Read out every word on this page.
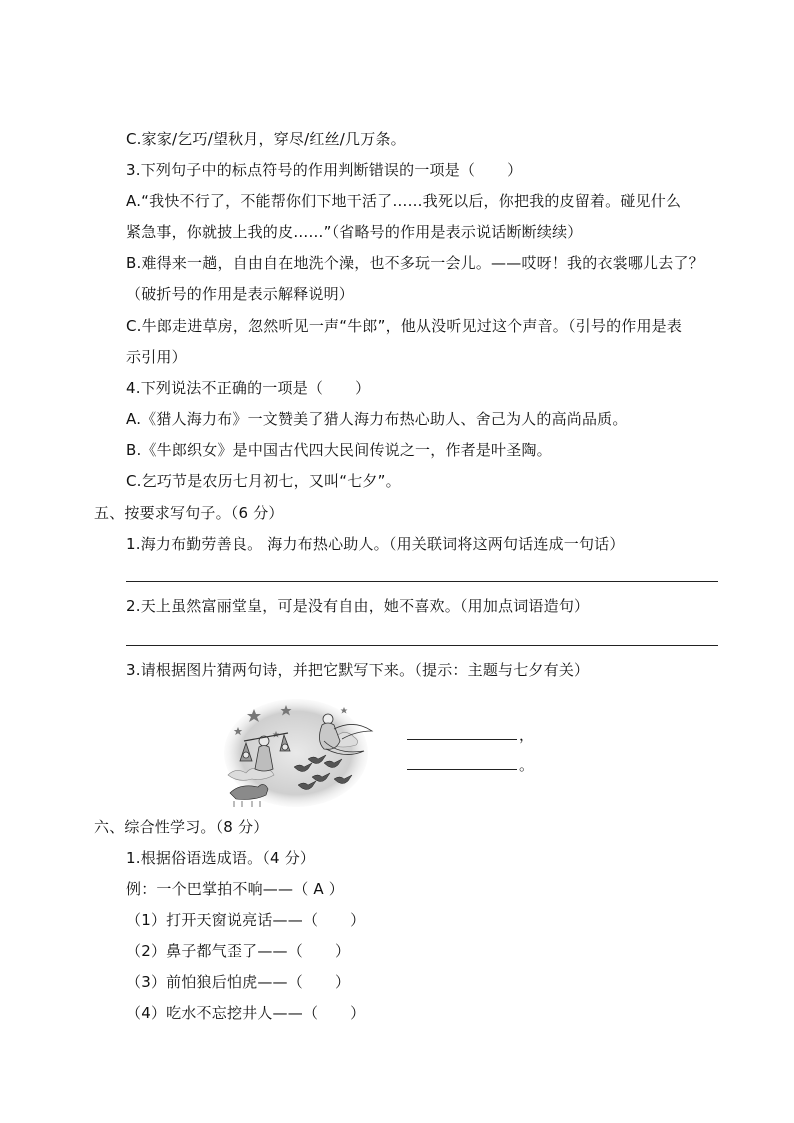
C.家家/乞巧/望秋月，穿尽/红丝/几万条。
3.下列句子中的标点符号的作用判断错误的一项是（ ）
A.“我快不行了，不能帮你们下地干活了……我死以后，你把我的皮留着。碰见什么
紧急事，你就披上我的皮……”（省略号的作用是表示说话断断续续）
B.难得来一趟，自由自在地洗个澡，也不多玩一会儿。——哎呀！我的衣裳哪儿去了？
（破折号的作用是表示解释说明）
C.牛郎走进草房，忽然听见一声“牛郎”，他从没听见过这个声音。（引号的作用是表
示引用）
4.下列说法不正确的一项是（ ）
A.《猎人海力布》一文赞美了猎人海力布热心助人、舍己为人的高尚品质。
B.《牛郎织女》是中国古代四大民间传说之一，作者是叶圣陶。
C.乞巧节是农历七月初七，又叫“七夕”。
五、按要求写句子。（6 分）
1.海力布勤劳善良。 海力布热心助人。（用关联词将这两句话连成一句话）
2.天上虽然富丽堂皇，可是没有自由，她不喜欢。（用加点词语造句）
3.请根据图片猜两句诗，并把它默写下来。（提示：主题与七夕有关）
，
。
六、综合性学习。（8 分）
1.根据俗语选成语。（4 分）
例：一个巴掌拍不响——（ A ）
（1）打开天窗说亮话——（ ）
（2）鼻子都气歪了——（ ）
（3）前怕狼后怕虎——（ ）
（4）吃水不忘挖井人——（ ）
